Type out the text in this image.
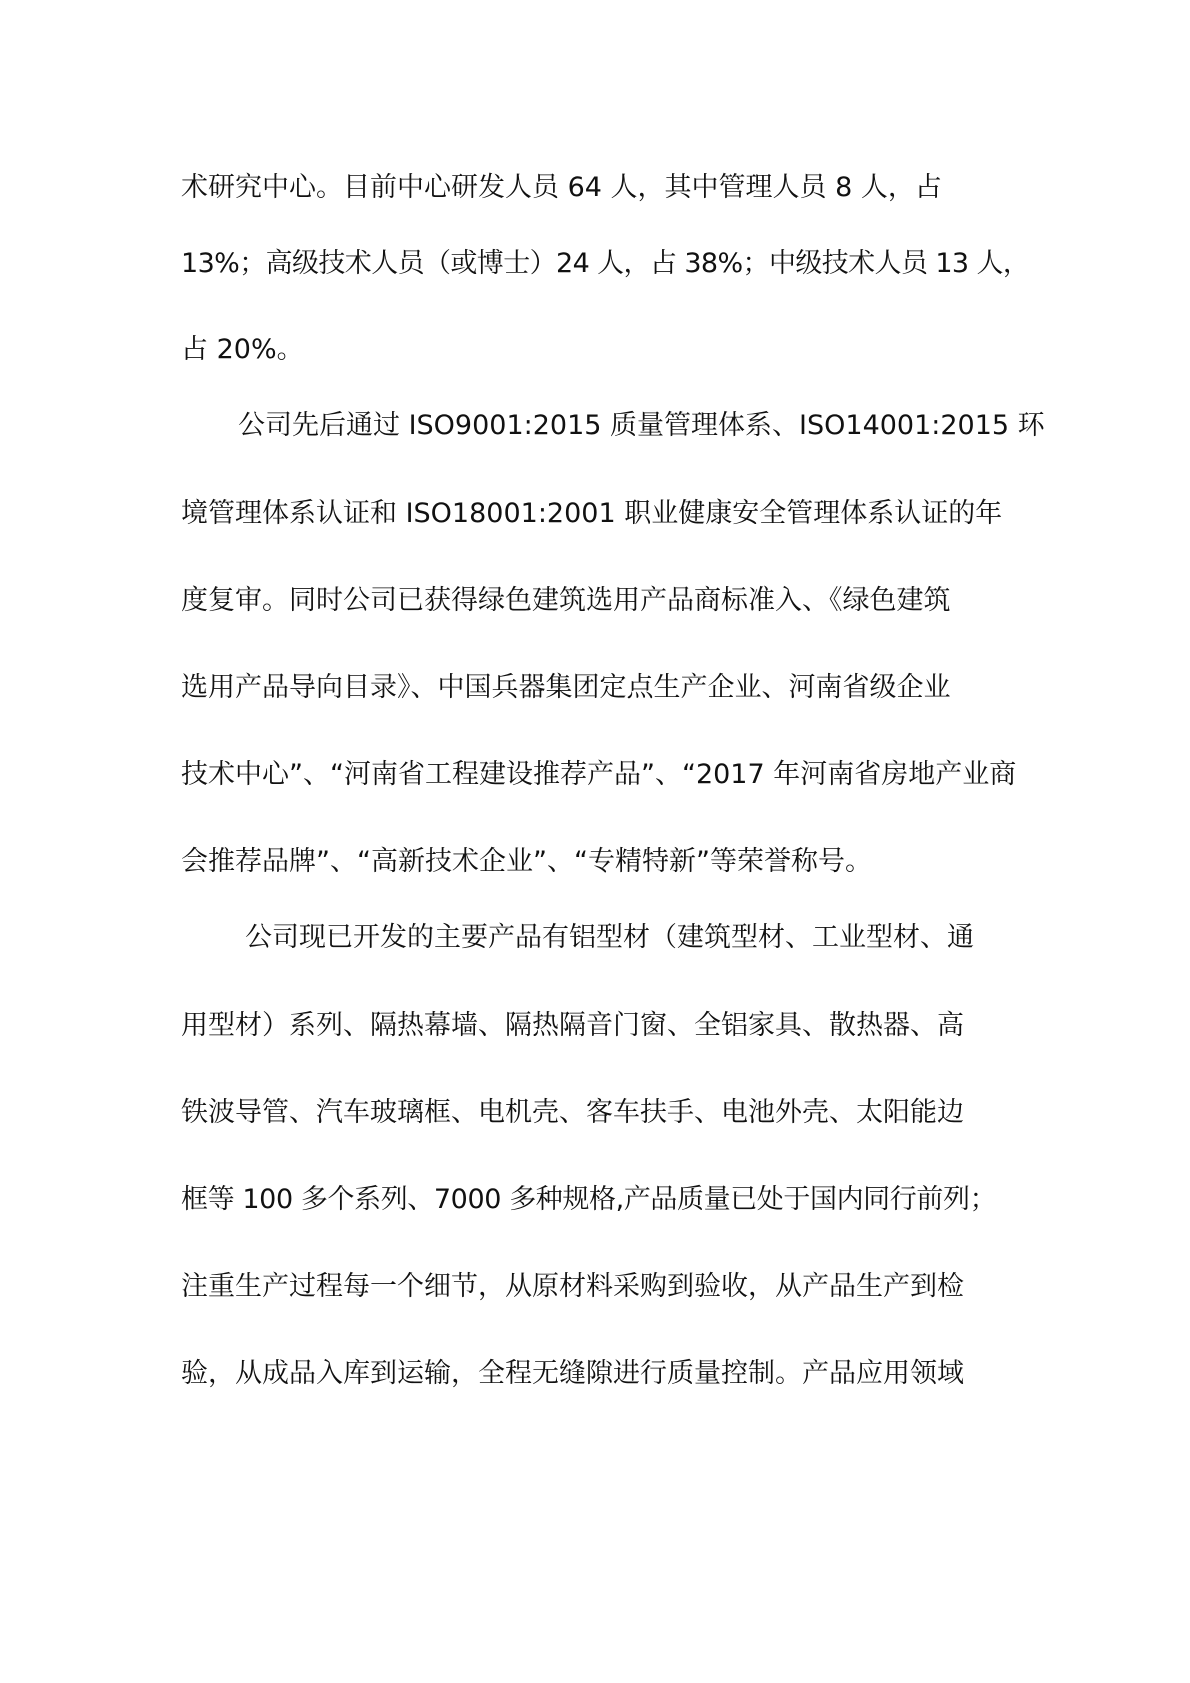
术研究中心。目前中心研发人员 64 人，其中管理人员 8 人，占
13%；高级技术人员（或博士）24 人，占 38%；中级技术人员 13 人，
占 20%。
公司先后通过 ISO9001:2015 质量管理体系、ISO14001:2015 环
境管理体系认证和 ISO18001:2001 职业健康安全管理体系认证的年
度复审。同时公司已获得绿色建筑选用产品商标准入、《绿色建筑
选用产品导向目录》、中国兵器集团定点生产企业、河南省级企业
技术中心”、“河南省工程建设推荐产品”、“2017 年河南省房地产业商
会推荐品牌”、“高新技术企业”、“专精特新”等荣誉称号。
公司现已开发的主要产品有铝型材（建筑型材、工业型材、通
用型材）系列、隔热幕墙、隔热隔音门窗、全铝家具、散热器、高
铁波导管、汽车玻璃框、电机壳、客车扶手、电池外壳、太阳能边
框等 100 多个系列、7000 多种规格,产品质量已处于国内同行前列；
注重生产过程每一个细节，从原材料采购到验收，从产品生产到检
验，从成品入库到运输，全程无缝隙进行质量控制。产品应用领域
